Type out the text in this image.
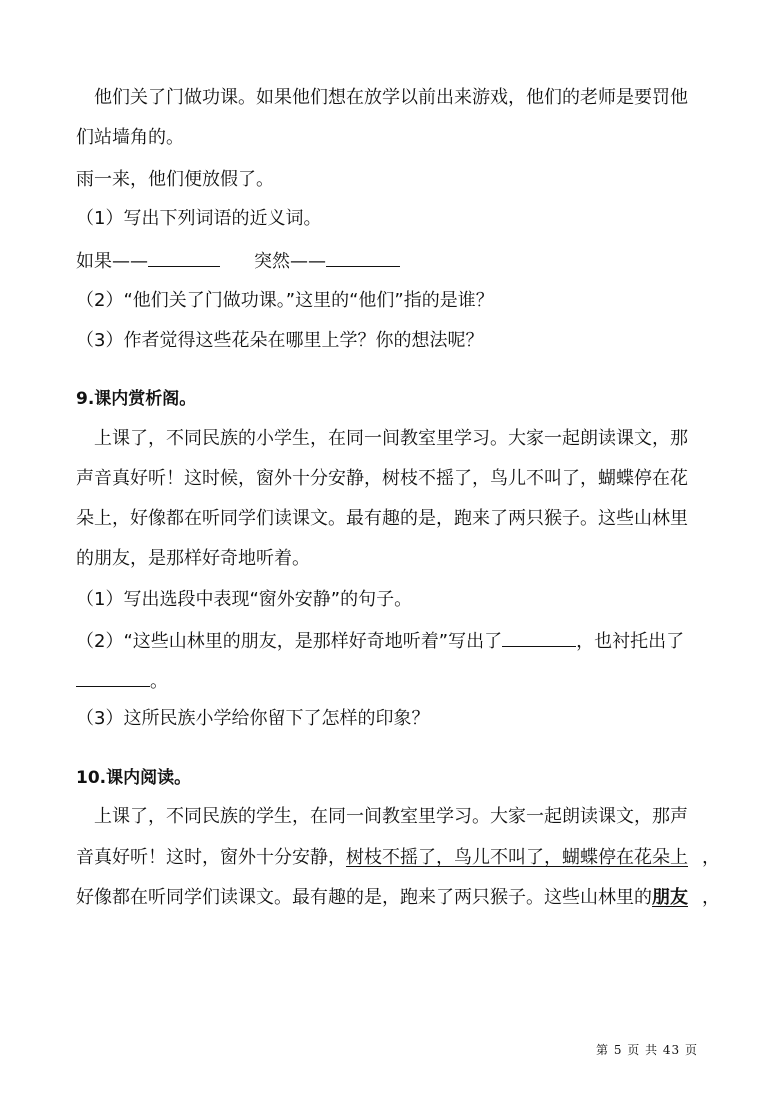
他们关了门做功课。如果他们想在放学以前出来游戏，他们的老师是要罚他
们站墙角的。
雨一来，他们便放假了。
（1）写出下列词语的近义词。
如果——	突然——
（2）“他们关了门做功课。”这里的“他们”指的是谁？
（3）作者觉得这些花朵在哪里上学？你的想法呢？
9.课内赏析阁。
上课了，不同民族的小学生，在同一间教室里学习。大家一起朗读课文，那
声音真好听！这时候，窗外十分安静，树枝不摇了，鸟儿不叫了，蝴蝶停在花
朵上，好像都在听同学们读课文。最有趣的是，跑来了两只猴子。这些山林里
的朋友，是那样好奇地听着。
（1）写出选段中表现“窗外安静”的句子。
（2）“这些山林里的朋友，是那样好奇地听着”写出了	，也衬托出了
。
（3）这所民族小学给你留下了怎样的印象？
10.课内阅读。
上课了，不同民族的学生，在同一间教室里学习。大家一起朗读课文，那声
音真好听！这时，窗外十分安静，树枝不摇了，鸟儿不叫了，蝴蝶停在花朵上 ，
好像都在听同学们读课文。最有趣的是，跑来了两只猴子。这些山林里的朋友 ，
第 5 页 共 43 页
